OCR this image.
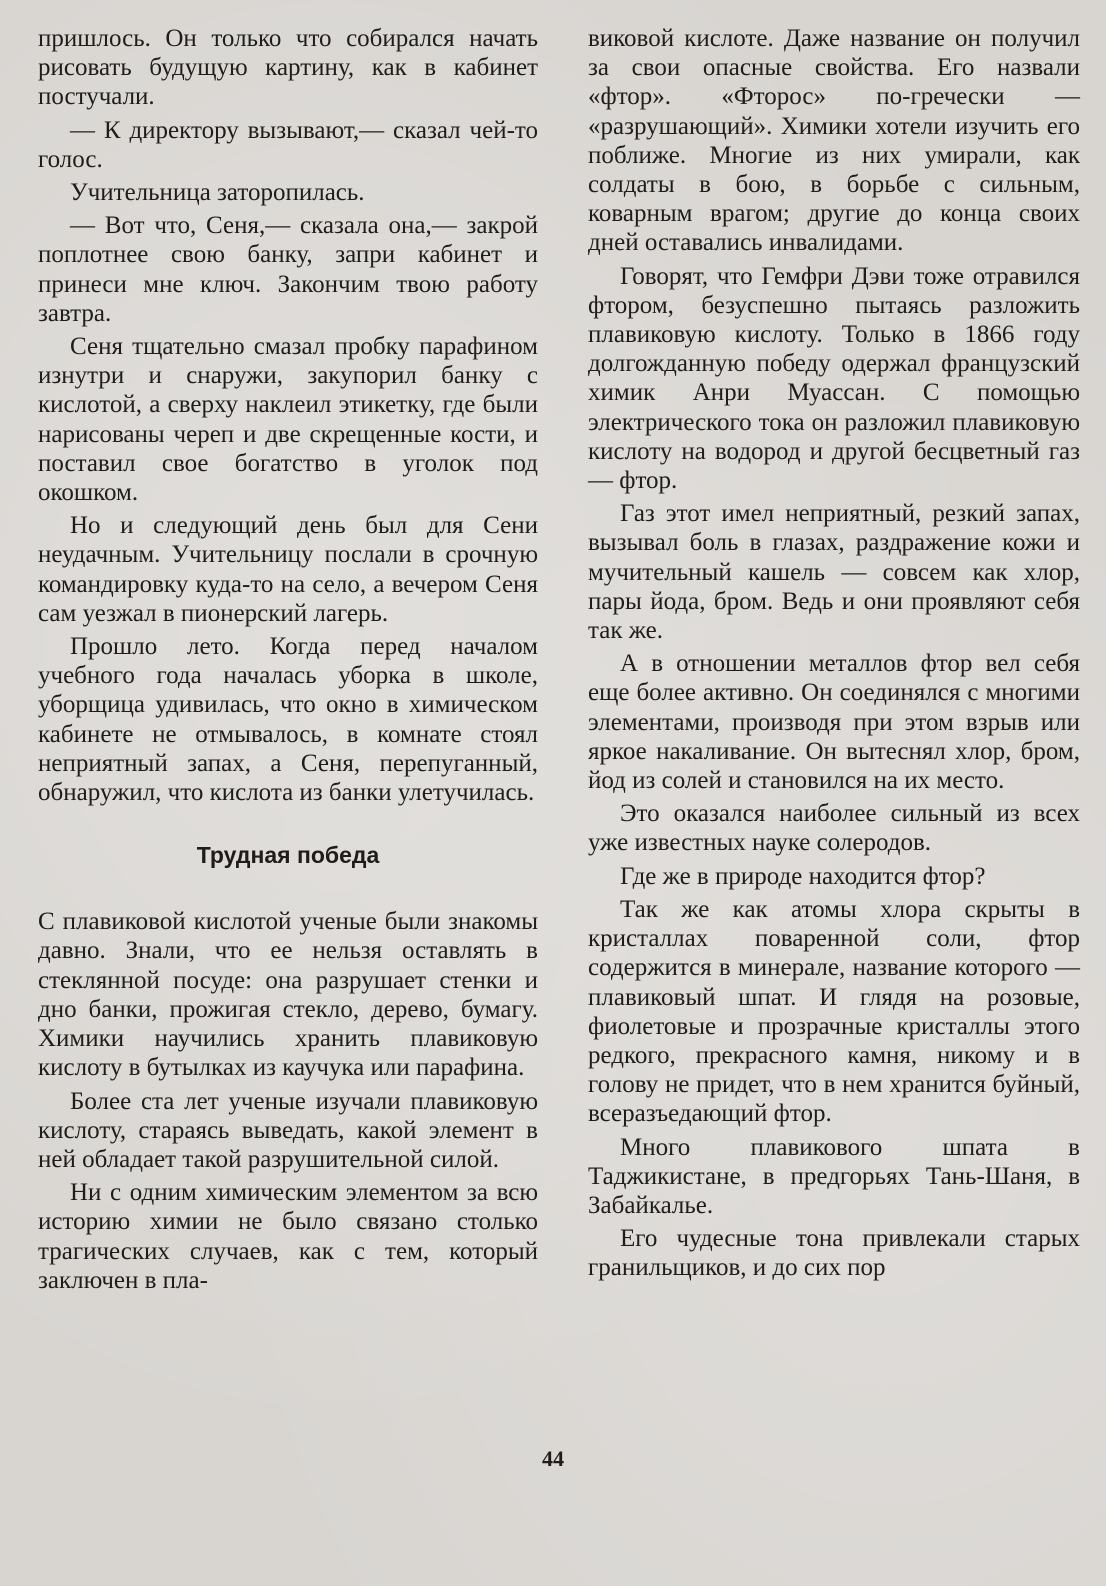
пришлось. Он только что собирался начать рисовать будущую картину, как в кабинет постучали.

— К директору вызывают,— сказал чей-то голос.

Учительница заторопилась.

— Вот что, Сеня,— сказала она,— закрой поплотнее свою банку, запри кабинет и принеси мне ключ. Закончим твою работу завтра.

Сеня тщательно смазал пробку парафином изнутри и снаружи, закупорил банку с кислотой, а сверху наклеил этикетку, где были нарисованы череп и две скрещенные кости, и поставил свое богатство в уголок под окошком.

Но и следующий день был для Сени неудачным. Учительницу послали в срочную командировку куда-то на село, а вечером Сеня сам уезжал в пионерский лагерь.

Прошло лето. Когда перед началом учебного года началась уборка в школе, уборщица удивилась, что окно в химическом кабинете не отмывалось, в комнате стоял неприятный запах, а Сеня, перепуганный, обнаружил, что кислота из банки улетучилась.

Трудная победа

С плавиковой кислотой ученые были знакомы давно. Знали, что ее нельзя оставлять в стеклянной посуде: она разрушает стенки и дно банки, прожигая стекло, дерево, бумагу. Химики научились хранить плавиковую кислоту в бутылках из каучука или парафина.

Более ста лет ученые изучали плавиковую кислоту, стараясь выведать, какой элемент в ней обладает такой разрушительной силой.

Ни с одним химическим элементом за всю историю химии не было связано столько трагических случаев, как с тем, который заключен в пла-

виковой кислоте. Даже название он получил за свои опасные свойства. Его назвали «фтор». «Фторос» по-гречески — «разрушающий». Химики хотели изучить его поближе. Многие из них умирали, как солдаты в бою, в борьбе с сильным, коварным врагом; другие до конца своих дней оставались инвалидами.

Говорят, что Гемфри Дэви тоже отравился фтором, безуспешно пытаясь разложить плавиковую кислоту. Только в 1866 году долгожданную победу одержал французский химик Анри Муассан. С помощью электрического тока он разложил плавиковую кислоту на водород и другой бесцветный газ — фтор.

Газ этот имел неприятный, резкий запах, вызывал боль в глазах, раздражение кожи и мучительный кашель — совсем как хлор, пары йода, бром. Ведь и они проявляют себя так же.

А в отношении металлов фтор вел себя еще более активно. Он соединялся с многими элементами, производя при этом взрыв или яркое накаливание. Он вытеснял хлор, бром, йод из солей и становился на их место.

Это оказался наиболее сильный из всех уже известных науке солеродов.

Где же в природе находится фтор?

Так же как атомы хлора скрыты в кристаллах поваренной соли, фтор содержится в минерале, название которого — плавиковый шпат. И глядя на розовые, фиолетовые и прозрачные кристаллы этого редкого, прекрасного камня, никому и в голову не придет, что в нем хранится буйный, всеразъедающий фтор.

Много плавикового шпата в Таджикистане, в предгорьях Тань-Шаня, в Забайкалье.

Его чудесные тона привлекали старых гранильщиков, и до сих пор

44
